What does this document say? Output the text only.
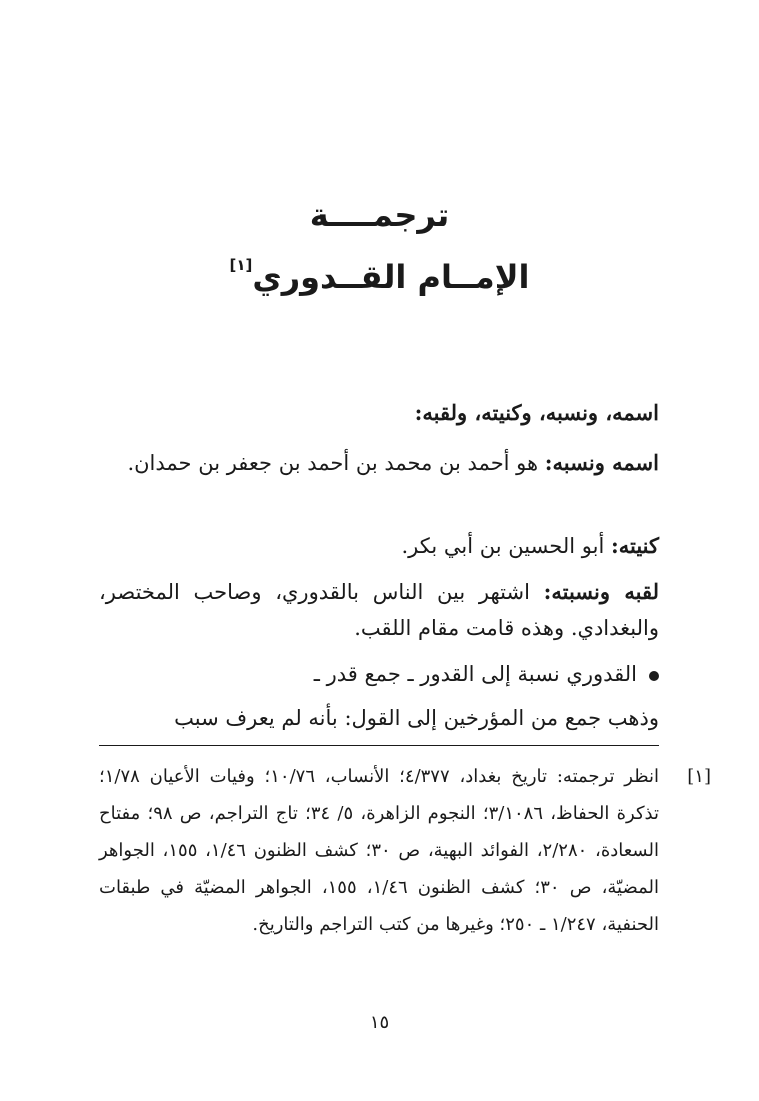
ترجمــــة
الإمــام القــدوري[١]

اسمه، ونسبه، وكنيته، ولقبه:

اسمه ونسبه: هو أحمد بن محمد بن أحمد بن جعفر بن حمدان.

كنيته: أبو الحسين بن أبي بكر.

لقبه ونسبته: اشتهر بين الناس بالقدوري، وصاحب المختصر، والبغدادي. وهذه قامت مقام اللقب.

القدوري نسبة إلى القدور ـ جمع قدر ـ

وذهب جمع من المؤرخين إلى القول: بأنه لم يعرف سبب

[١]
انظر ترجمته: تاريخ بغداد، ٤/٣٧٧؛ الأنساب، ١٠/٧٦؛ وفيات الأعيان ١/٧٨؛ تذكرة الحفاظ، ٣/١٠٨٦؛ النجوم الزاهرة، ٥/ ٣٤؛ تاج التراجم، ص ٩٨؛ مفتاح السعادة، ٢/٢٨٠، الفوائد البهية، ص ٣٠؛ كشف الظنون ١/٤٦، ١٥٥، الجواهر المضيّة، ص ٣٠؛ كشف الظنون ١/٤٦، ١٥٥، الجواهر المضيّة في طبقات الحنفية، ١/٢٤٧ ـ ٢٥٠؛ وغيرها من كتب التراجم والتاريخ.

١٥
